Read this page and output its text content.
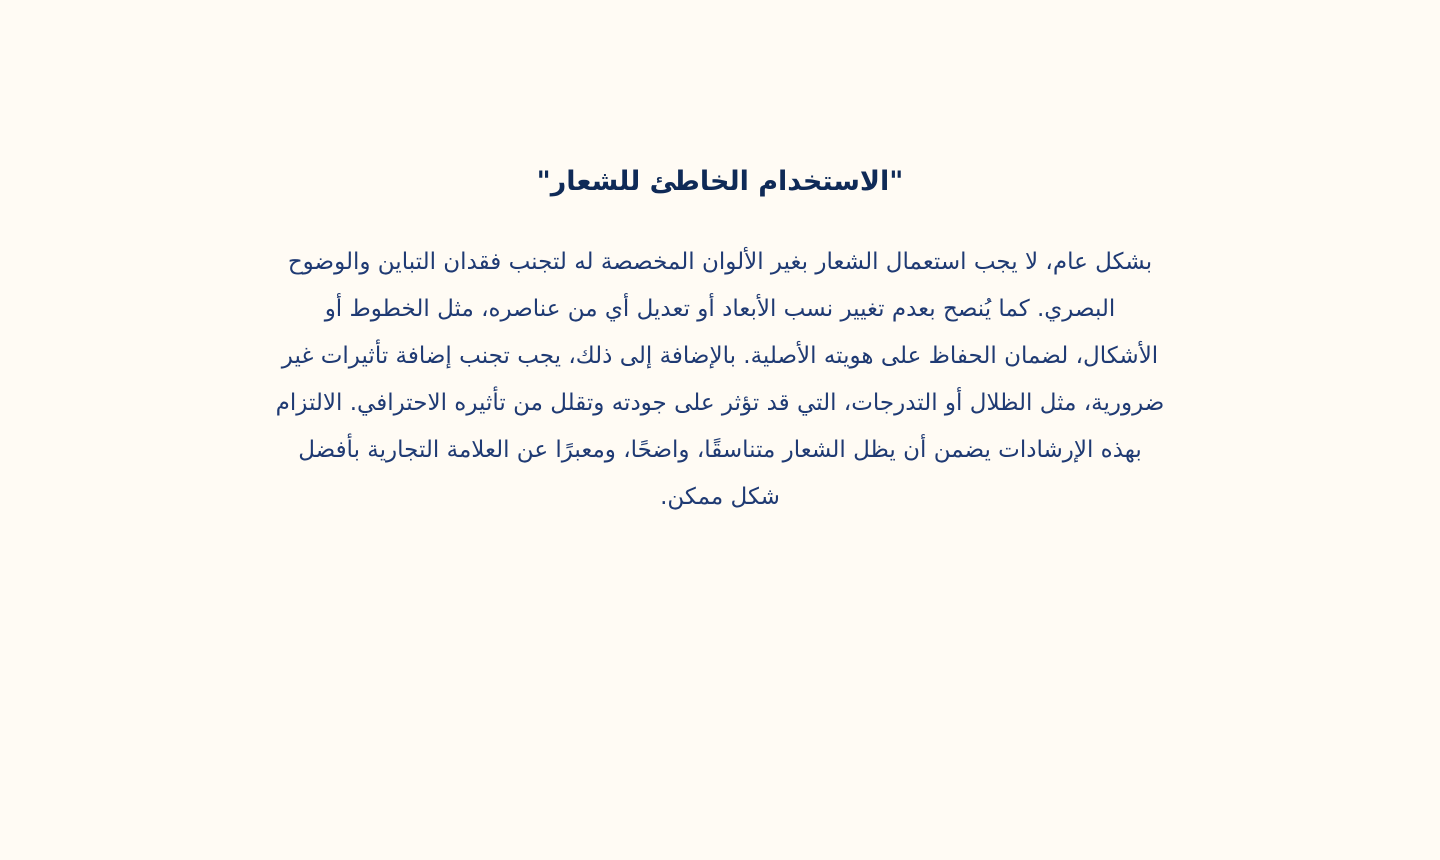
"الاستخدام الخاطئ للشعار"

بشكل عام، لا يجب استعمال الشعار بغير الألوان المخصصة له لتجنب فقدان التباين والوضوح
البصري. كما يُنصح بعدم تغيير نسب الأبعاد أو تعديل أي من عناصره، مثل الخطوط أو
الأشكال، لضمان الحفاظ على هويته الأصلية. بالإضافة إلى ذلك، يجب تجنب إضافة تأثيرات غير
ضرورية، مثل الظلال أو التدرجات، التي قد تؤثر على جودته وتقلل من تأثيره الاحترافي. الالتزام
بهذه الإرشادات يضمن أن يظل الشعار متناسقًا، واضحًا، ومعبرًا عن العلامة التجارية بأفضل
شكل ممكن.
